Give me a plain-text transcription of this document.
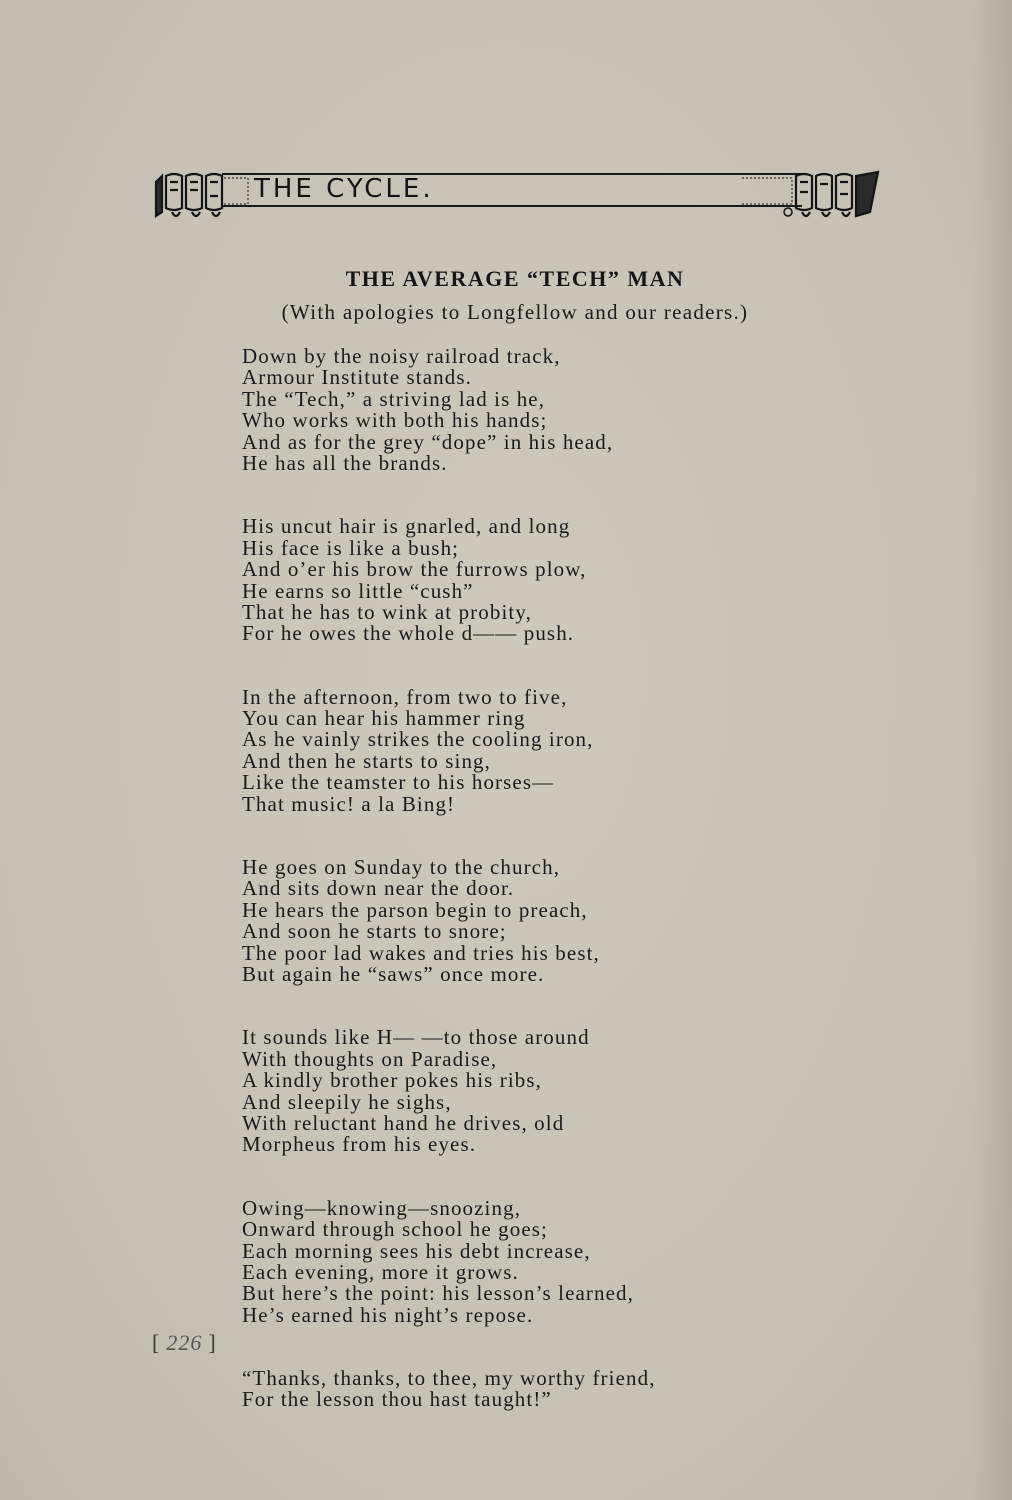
THE CYCLE.
THE AVERAGE “TECH” MAN
(With apologies to Longfellow and our readers.)
Down by the noisy railroad track,
Armour Institute stands.
The “Tech,” a striving lad is he,
Who works with both his hands;
And as for the grey “dope” in his head,
He has all the brands.
His uncut hair is gnarled, and long
His face is like a bush;
And o’er his brow the furrows plow,
He earns so little “cush”
That he has to wink at probity,
For he owes the whole d—— push.
In the afternoon, from two to five,
You can hear his hammer ring
As he vainly strikes the cooling iron,
And then he starts to sing,
Like the teamster to his horses—
That music! a la Bing!
He goes on Sunday to the church,
And sits down near the door.
He hears the parson begin to preach,
And soon he starts to snore;
The poor lad wakes and tries his best,
But again he “saws” once more.
It sounds like H— —to those around
With thoughts on Paradise,
A kindly brother pokes his ribs,
And sleepily he sighs,
With reluctant hand he drives, old
Morpheus from his eyes.
Owing—knowing—snoozing,
Onward through school he goes;
Each morning sees his debt increase,
Each evening, more it grows.
But here’s the point: his lesson’s learned,
He’s earned his night’s repose.
“Thanks, thanks, to thee, my worthy friend,
For the lesson thou hast taught!”
[ 226 ]
